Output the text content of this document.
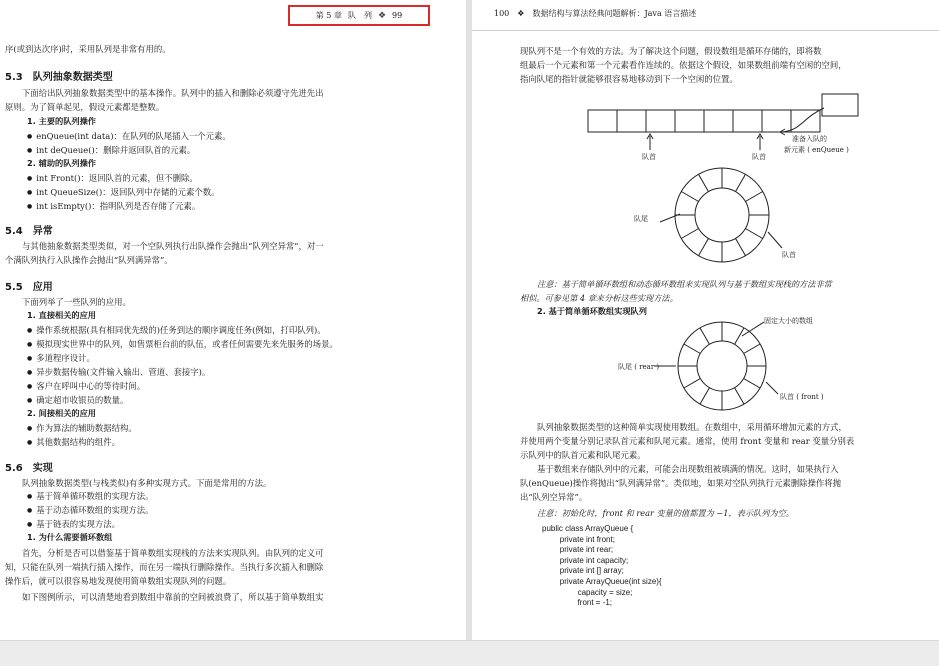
第 5 章 队　列 ❖ 99
序(或到达次序)时，采用队列是非常有用的。
5.3　队列抽象数据类型
下面给出队列抽象数据类型中的基本操作。队列中的插入和删除必须遵守先进先出
原则。为了简单起见，假设元素都是整数。
1. 主要的队列操作
● enQueue(int data)：在队列的队尾插入一个元素。
● int deQueue()：删除并返回队首的元素。
2. 辅助的队列操作
● int Front()：返回队首的元素，但不删除。
● int QueueSize()：返回队列中存储的元素个数。
● int isEmpty()：指明队列是否存储了元素。
5.4　异常
与其他抽象数据类型类似，对一个空队列执行出队操作会抛出“队列空异常”，对一
个满队列执行入队操作会抛出“队列满异常”。
5.5　应用
下面列举了一些队列的应用。
1. 直接相关的应用
● 操作系统根据(具有相同优先级的)任务到达的顺序调度任务(例如，打印队列)。
● 模拟现实世界中的队列，如售票柜台前的队伍，或者任何需要先来先服务的场景。
● 多道程序设计。
● 异步数据传输(文件输入输出、管道、套接字)。
● 客户在呼叫中心的等待时间。
● 确定超市收银员的数量。
2. 间接相关的应用
● 作为算法的辅助数据结构。
● 其他数据结构的组件。
5.6　实现
队列抽象数据类型(与栈类似)有多种实现方式。下面是常用的方法。
● 基于简单循环数组的实现方法。
● 基于动态循环数组的实现方法。
● 基于链表的实现方法。
1. 为什么需要循环数组
首先，分析是否可以借鉴基于简单数组实现栈的方法来实现队列。由队列的定义可
知，只能在队列一端执行插入操作，而在另一端执行删除操作。当执行多次插入和删除
操作后，就可以很容易地发现使用简单数组实现队列的问题。
如下图例所示，可以清楚地看到数组中靠前的空间被浪费了，所以基于简单数组实
100 ❖ 数据结构与算法经典问题解析：Java 语言描述
现队列不是一个有效的方法。为了解决这个问题，假设数组是循环存储的，即将数
组最后一个元素和第一个元素看作连续的。依据这个假设，如果数组前端有空闲的空间，
指向队尾的指针就能够很容易地移动到下一个空闲的位置。
注意：基于简单循环数组和动态循环数组来实现队列与基于数组实现栈的方法非常
相似。可参见第 4 章来分析这些实现方法。
2. 基于简单循环数组实现队列
队列抽象数据类型的这种简单实现使用数组。在数组中，采用循环增加元素的方式，
并使用两个变量分别记录队首元素和队尾元素。通常，使用 front 变量和 rear 变量分别表
示队列中的队首元素和队尾元素。
基于数组来存储队列中的元素，可能会出现数组被填满的情况。这时，如果执行入
队(enQueue)操作将抛出“队列满异常”。类似地，如果对空队列执行元素删除操作将抛
出“队列空异常”。
注意：初始化时，front 和 rear 变量的值都置为 −1，表示队列为空。
队首	队首
准备入队的
新元素 ( enQueue )
队尾
队首
固定大小的数组
队尾 ( rear )
队首 ( front )
public class ArrayQueue {
private int front;
private int rear;
private int capacity;
private int [] array;
private ArrayQueue(int size){
capacity = size;
front = -1;
